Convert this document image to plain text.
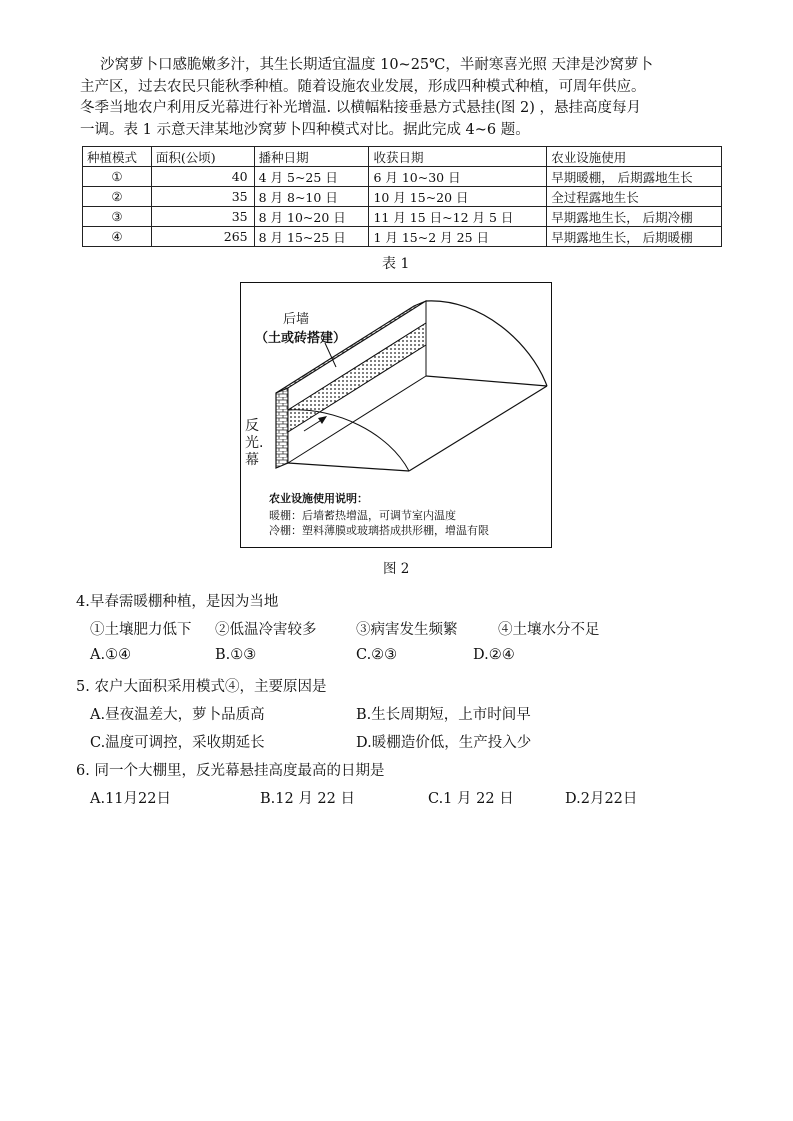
沙窝萝卜口感脆嫩多汁，其生长期适宜温度 10~25℃，半耐寒喜光照 天津是沙窝萝卜

主产区，过去农民只能秋季种植。随着设施农业发展，形成四种模式种植，可周年供应。

冬季当地农户利用反光幕进行补光增温. 以横幅粘接垂悬方式悬挂(图 2) ，悬挂高度每月

一调。表 1 示意天津某地沙窝萝卜四种模式对比。据此完成 4~6 题。

种植模式	面积(公顷)	播种日期	收获日期	农业设施使用
①	40	4 月 5~25 日	6 月 10~30 日	早期暖棚， 后期露地生长
②	35	8 月 8~10 日	10 月 15~20 日	全过程露地生长
③	35	8 月 10~20 日	11 月 15 日~12 月 5 日	早期露地生长， 后期冷棚
④	265	8 月 15~25 日	1 月 15~2 月 25 日	早期露地生长， 后期暖棚
表 1
后墙
（土或砖搭建）
反
光.
幕
农业设施使用说明：
暖棚：后墙蓄热增温，可调节室内温度
冷棚：塑料薄膜或玻璃搭成拱形棚，增温有限
图 2
4.早春需暖棚种植，是因为当地
①土壤肥力低下 ②低温冷害较多	③病害发生频繁	④土壤水分不足
A.①④	B.①③	C.②③	D.②④
5. 农户大面积采用模式④，主要原因是
A.昼夜温差大，萝卜品质高	B.生长周期短，上市时间早
C.温度可调控，采收期延长	D.暖棚造价低，生产投入少
6. 同一个大棚里，反光幕悬挂高度最高的日期是
A.11月22日	B.12 月 22 日	C.1 月 22 日	D.2月22日
